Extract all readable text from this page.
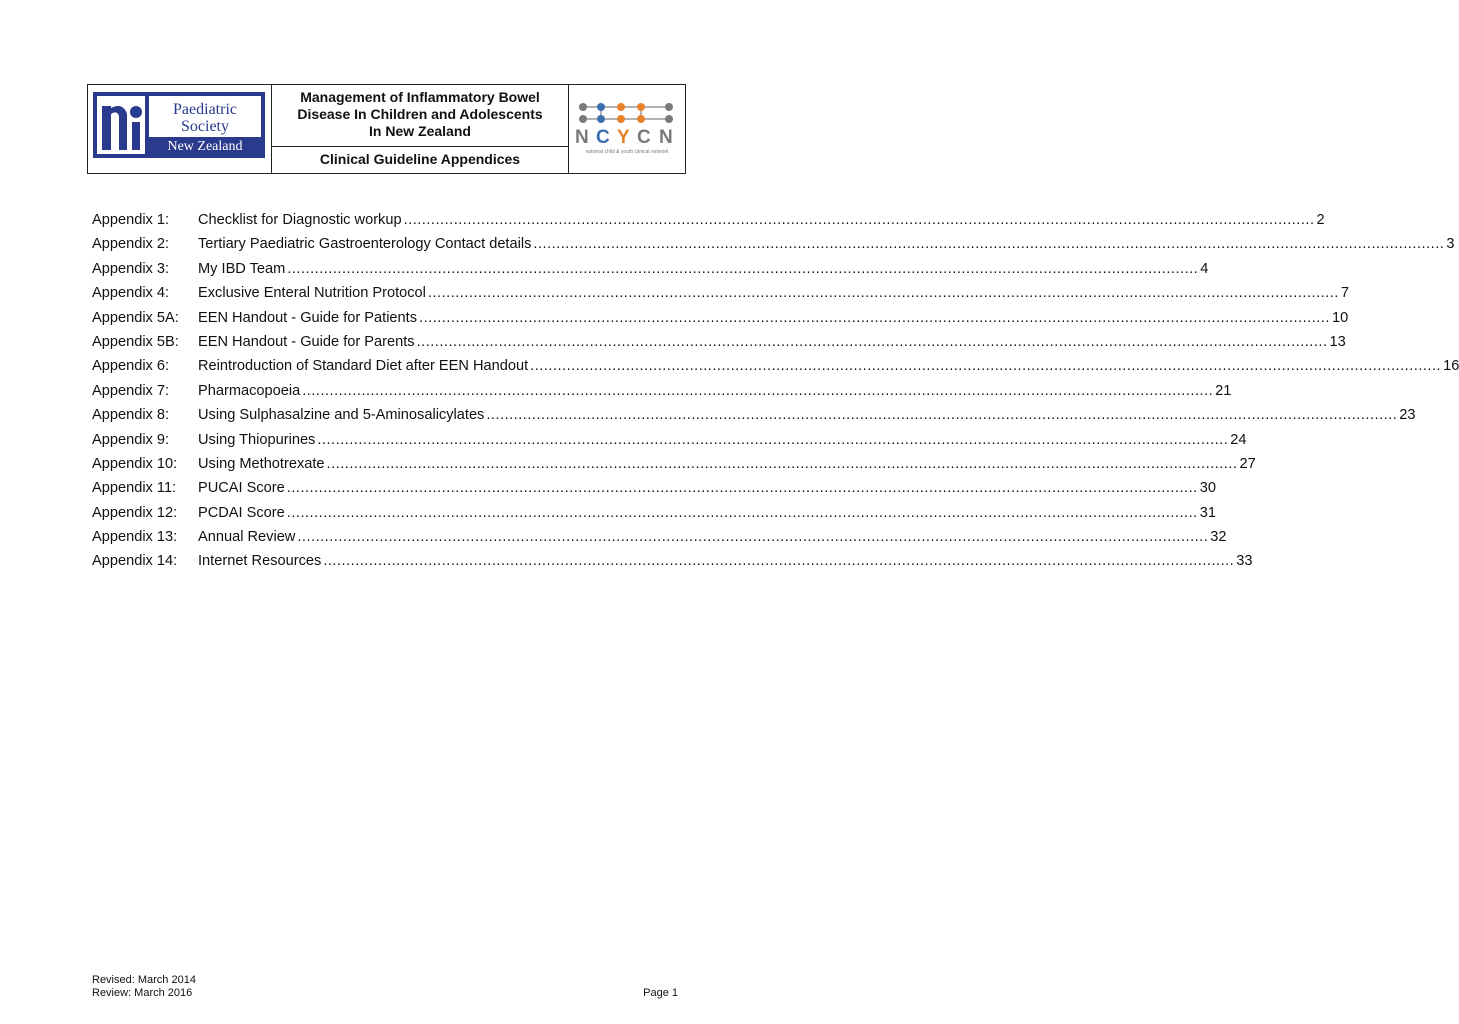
Paediatric
Society
New Zealand
Management of Inflammatory Bowel
Disease In Children and Adolescents
In New Zealand
Clinical Guideline Appendices
N C Y C N
national child & youth clinical network
Appendix 1:	Checklist for Diagnostic workup ........................................................................................................................................................................................................ 2
Appendix 2:	Tertiary Paediatric Gastroenterology Contact details ........................................................................................................................................................................................................ 3
Appendix 3:	My IBD Team ........................................................................................................................................................................................................ 4
Appendix 4:	Exclusive Enteral Nutrition Protocol ........................................................................................................................................................................................................ 7
Appendix 5A:	EEN Handout - Guide for Patients ........................................................................................................................................................................................................ 10
Appendix 5B:	EEN Handout - Guide for Parents ........................................................................................................................................................................................................ 13
Appendix 6:	Reintroduction of Standard Diet after EEN Handout ........................................................................................................................................................................................................ 16
Appendix 7:	Pharmacopoeia ........................................................................................................................................................................................................ 21
Appendix 8:	Using Sulphasalzine and 5-Aminosalicylates ........................................................................................................................................................................................................ 23
Appendix 9:	Using Thiopurines ........................................................................................................................................................................................................ 24
Appendix 10:	Using Methotrexate ........................................................................................................................................................................................................ 27
Appendix 11:	PUCAI Score ........................................................................................................................................................................................................ 30
Appendix 12:	PCDAI Score ........................................................................................................................................................................................................ 31
Appendix 13:	Annual Review ........................................................................................................................................................................................................ 32
Appendix 14:	Internet Resources ........................................................................................................................................................................................................ 33
Revised: March 2014
Review: March 2016	Page 1
